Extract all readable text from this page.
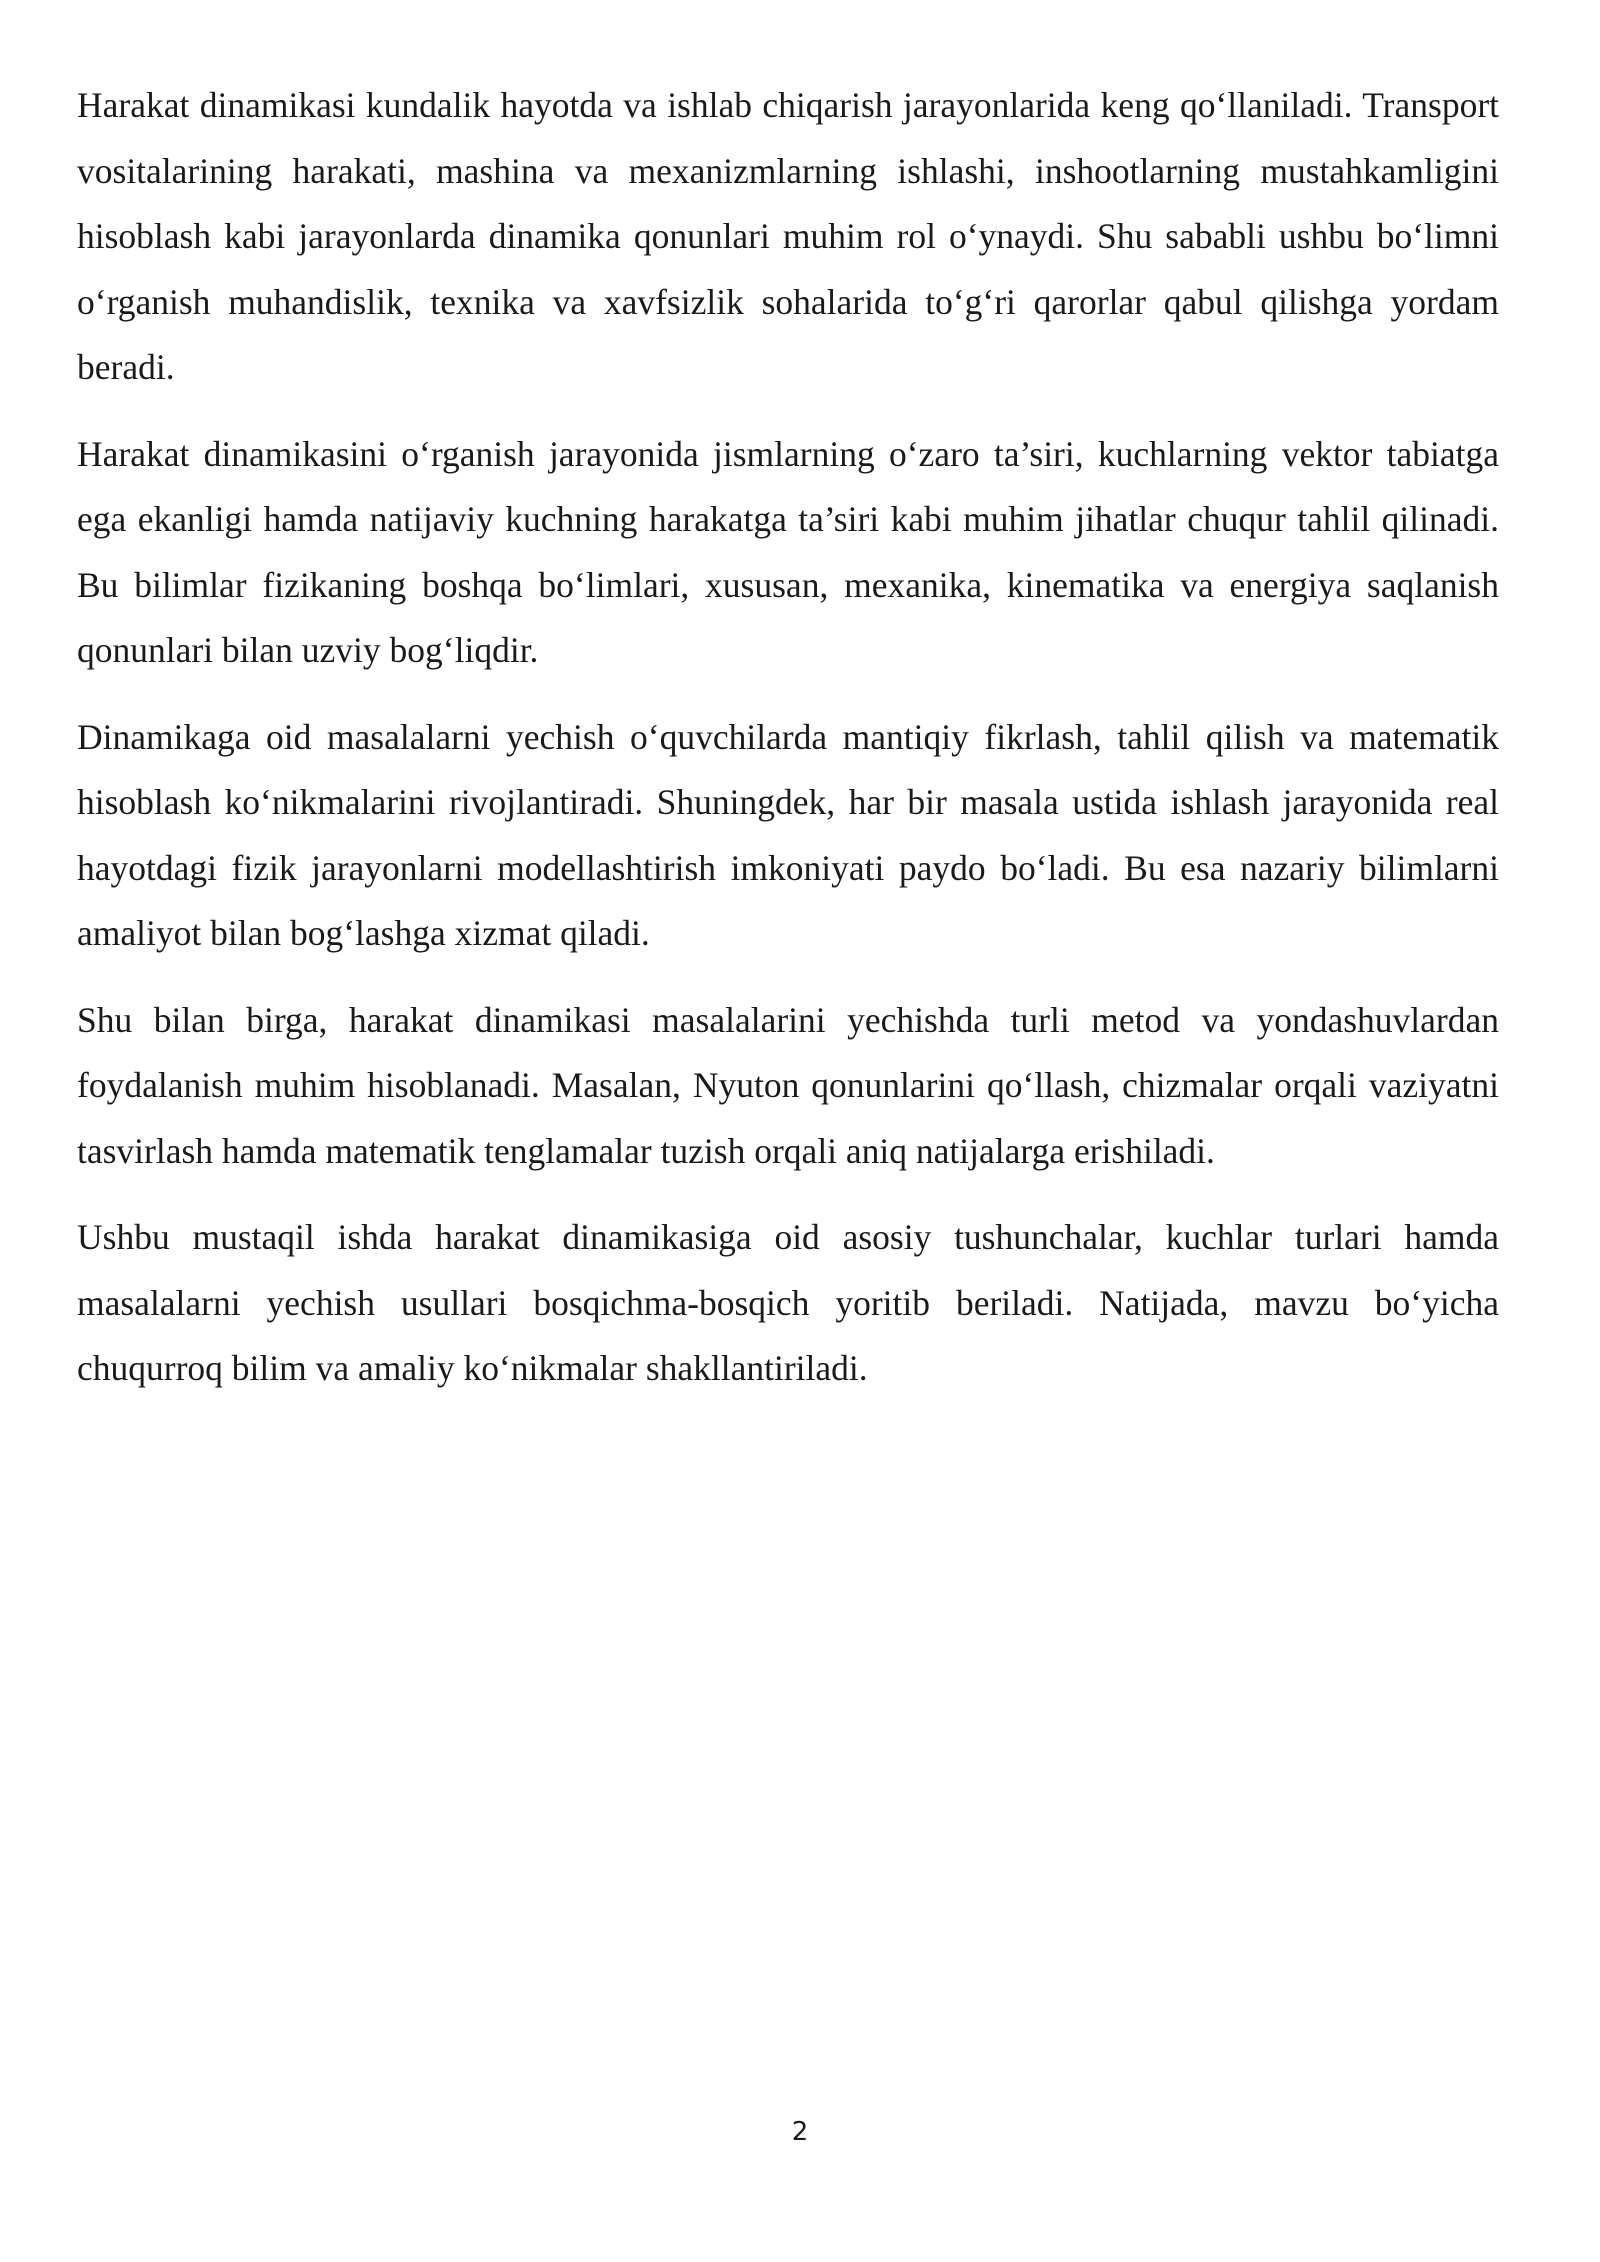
Harakat dinamikasi kundalik hayotda va ishlab chiqarish jarayonlarida keng qo‘llaniladi. Transport vositalarining harakati, mashina va mexanizmlarning ishlashi, inshootlarning mustahkamligini hisoblash kabi jarayonlarda dinamika qonunlari muhim rol o‘ynaydi. Shu sababli ushbu bo‘limni o‘rganish muhandislik, texnika va xavfsizlik sohalarida to‘g‘ri qarorlar qabul qilishga yordam beradi.

Harakat dinamikasini o‘rganish jarayonida jismlarning o‘zaro ta’siri, kuchlarning vektor tabiatga ega ekanligi hamda natijaviy kuchning harakatga ta’siri kabi muhim jihatlar chuqur tahlil qilinadi. Bu bilimlar fizikaning boshqa bo‘limlari, xususan, mexanika, kinematika va energiya saqlanish qonunlari bilan uzviy bog‘liqdir.

Dinamikaga oid masalalarni yechish o‘quvchilarda mantiqiy fikrlash, tahlil qilish va matematik hisoblash ko‘nikmalarini rivojlantiradi. Shuningdek, har bir masala ustida ishlash jarayonida real hayotdagi fizik jarayonlarni modellashtirish imkoniyati paydo bo‘ladi. Bu esa nazariy bilimlarni amaliyot bilan bog‘lashga xizmat qiladi.

Shu bilan birga, harakat dinamikasi masalalarini yechishda turli metod va yondashuvlardan foydalanish muhim hisoblanadi. Masalan, Nyuton qonunlarini qo‘llash, chizmalar orqali vaziyatni tasvirlash hamda matematik tenglamalar tuzish orqali aniq natijalarga erishiladi.

Ushbu mustaqil ishda harakat dinamikasiga oid asosiy tushunchalar, kuchlar turlari hamda masalalarni yechish usullari bosqichma-bosqich yoritib beriladi. Natijada, mavzu bo‘yicha chuqurroq bilim va amaliy ko‘nikmalar shakllantiriladi.

2
